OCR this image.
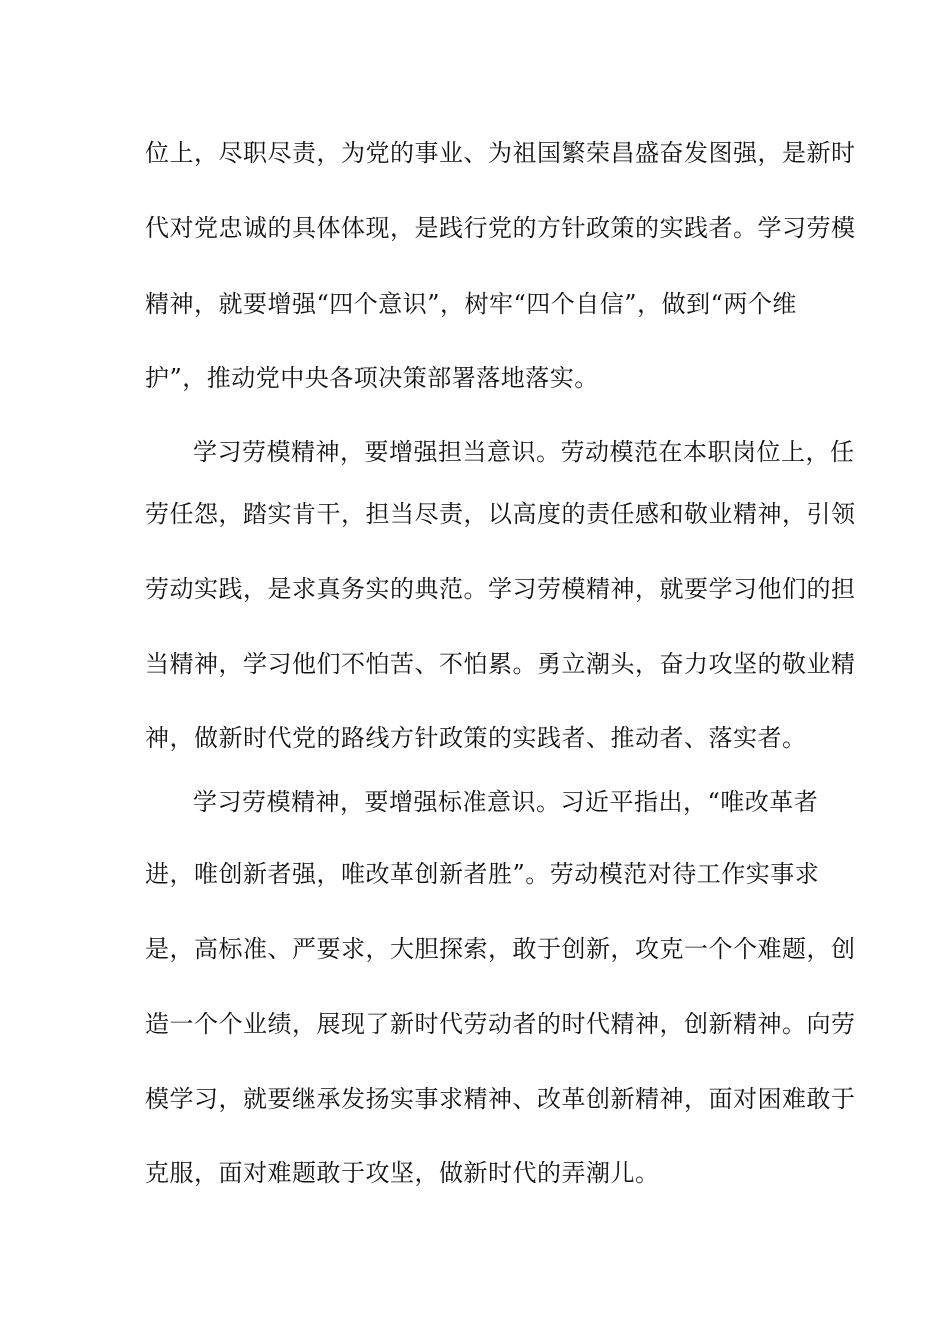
位上，尽职尽责，为党的事业、为祖国繁荣昌盛奋发图强，是新时

代对党忠诚的具体体现，是践行党的方针政策的实践者。学习劳模

精神，就要增强“四个意识”，树牢“四个自信”，做到“两个维

护”，推动党中央各项决策部署落地落实。

学习劳模精神，要增强担当意识。劳动模范在本职岗位上，任

劳任怨，踏实肯干，担当尽责，以高度的责任感和敬业精神，引领

劳动实践，是求真务实的典范。学习劳模精神，就要学习他们的担

当精神，学习他们不怕苦、不怕累。勇立潮头，奋力攻坚的敬业精

神，做新时代党的路线方针政策的实践者、推动者、落实者。

学习劳模精神，要增强标准意识。习近平指出，“唯改革者

进，唯创新者强，唯改革创新者胜”。劳动模范对待工作实事求

是，高标准、严要求，大胆探索，敢于创新，攻克一个个难题，创

造一个个业绩，展现了新时代劳动者的时代精神，创新精神。向劳

模学习，就要继承发扬实事求精神、改革创新精神，面对困难敢于

克服，面对难题敢于攻坚，做新时代的弄潮儿。
